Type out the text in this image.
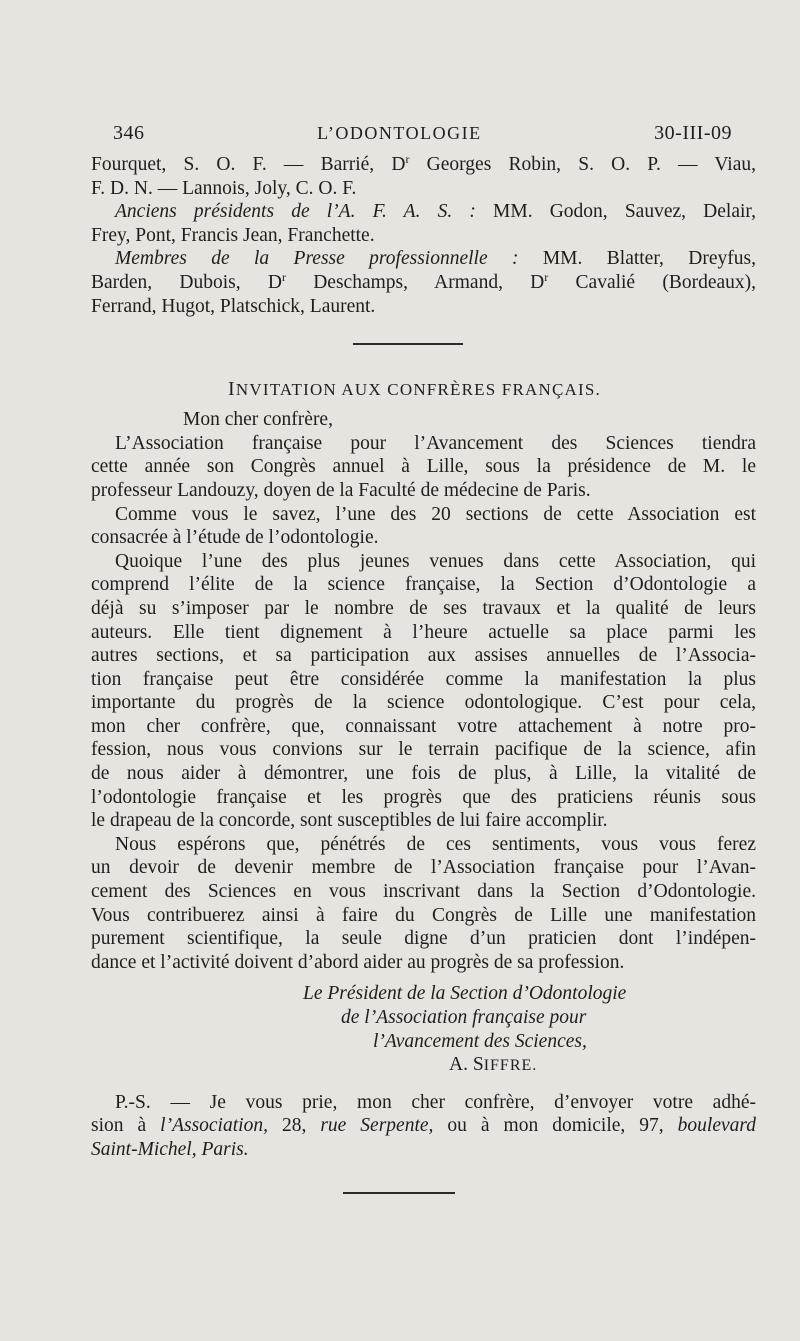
346	L’ODONTOLOGIE	30-III-09
Fourquet, S. O. F. — Barrié, $D^r$ Georges Robin, S. O. P. — Viau,
F. D. N. — Lannois, Joly, C. O. F.
Anciens présidents de l’A. F. A. S. : MM. Godon, Sauvez, Delair,
Frey, Pont, Francis Jean, Franchette.
Membres de la Presse professionnelle : MM. Blatter, Dreyfus,
Barden, Dubois, $D^r$ Deschamps, Armand, $D^r$ Cavalié (Bordeaux),
Ferrand, Hugot, Platschick, Laurent.
INVITATION AUX CONFRÈRES FRANÇAIS.
Mon cher confrère,
L’Association française pour l’Avancement des Sciences tiendra
cette année son Congrès annuel à Lille, sous la présidence de M. le
professeur Landouzy, doyen de la Faculté de médecine de Paris.
Comme vous le savez, l’une des 20 sections de cette Association est
consacrée à l’étude de l’odontologie.
Quoique l’une des plus jeunes venues dans cette Association, qui
comprend l’élite de la science française, la Section d’Odontologie a
déjà su s’imposer par le nombre de ses travaux et la qualité de leurs
auteurs. Elle tient dignement à l’heure actuelle sa place parmi les
autres sections, et sa participation aux assises annuelles de l’Associa-
tion française peut être considérée comme la manifestation la plus
importante du progrès de la science odontologique. C’est pour cela,
mon cher confrère, que, connaissant votre attachement à notre pro-
fession, nous vous convions sur le terrain pacifique de la science, afin
de nous aider à démontrer, une fois de plus, à Lille, la vitalité de
l’odontologie française et les progrès que des praticiens réunis sous
le drapeau de la concorde, sont susceptibles de lui faire accomplir.
Nous espérons que, pénétrés de ces sentiments, vous vous ferez
un devoir de devenir membre de l’Association française pour l’Avan-
cement des Sciences en vous inscrivant dans la Section d’Odontologie.
Vous contribuerez ainsi à faire du Congrès de Lille une manifestation
purement scientifique, la seule digne d’un praticien dont l’indépen-
dance et l’activité doivent d’abord aider au progrès de sa profession.
Le Président de la Section d’Odontologie
de l’Association française pour
l’Avancement des Sciences,
A. SIFFRE.
P.-S. — Je vous prie, mon cher confrère, d’envoyer votre adhé-
sion à l’Association, 28, rue Serpente, ou à mon domicile, 97, boulevard
Saint-Michel, Paris.
